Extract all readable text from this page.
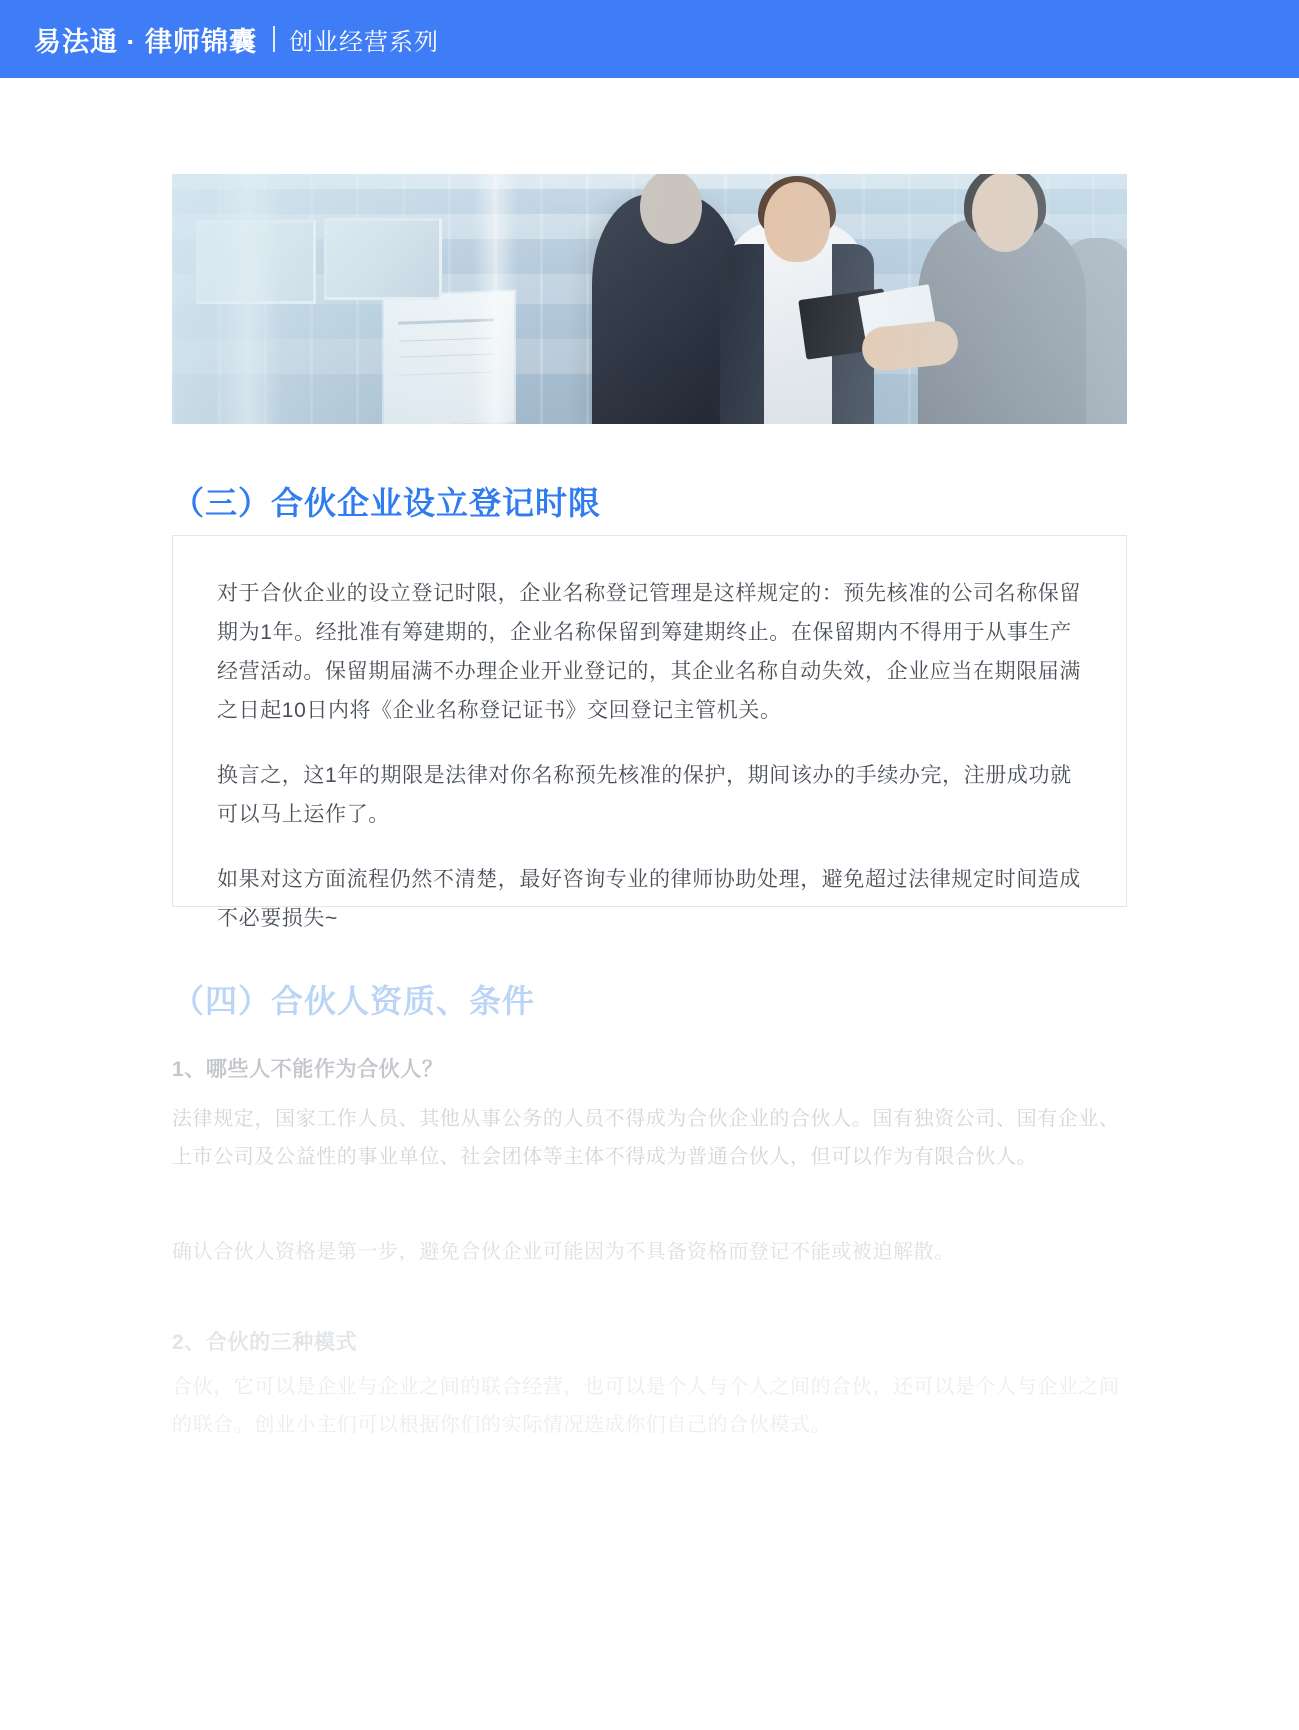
易法通 · 律师锦囊 创业经营系列
（三）合伙企业设立登记时限

对于合伙企业的设立登记时限，企业名称登记管理是这样规定的：预先核准的公司名称保留期为1年。经批准有筹建期的，企业名称保留到筹建期终止。在保留期内不得用于从事生产经营活动。保留期届满不办理企业开业登记的，其企业名称自动失效，企业应当在期限届满之日起10日内将《企业名称登记证书》交回登记主管机关。

换言之，这1年的期限是法律对你名称预先核准的保护，期间该办的手续办完，注册成功就可以马上运作了。

如果对这方面流程仍然不清楚，最好咨询专业的律师协助处理，避免超过法律规定时间造成不必要损失~

（四）合伙人资质、条件
1、哪些人不能作为合伙人？

法律规定，国家工作人员、其他从事公务的人员不得成为合伙企业的合伙人。国有独资公司、国有企业、上市公司及公益性的事业单位、社会团体等主体不得成为普通合伙人，但可以作为有限合伙人。

确认合伙人资格是第一步，避免合伙企业可能因为不具备资格而登记不能或被迫解散。

2、合伙的三种模式

合伙，它可以是企业与企业之间的联合经营，也可以是个人与个人之间的合伙，还可以是个人与企业之间的联合。创业小主们可以根据你们的实际情况选成你们自己的合伙模式。
